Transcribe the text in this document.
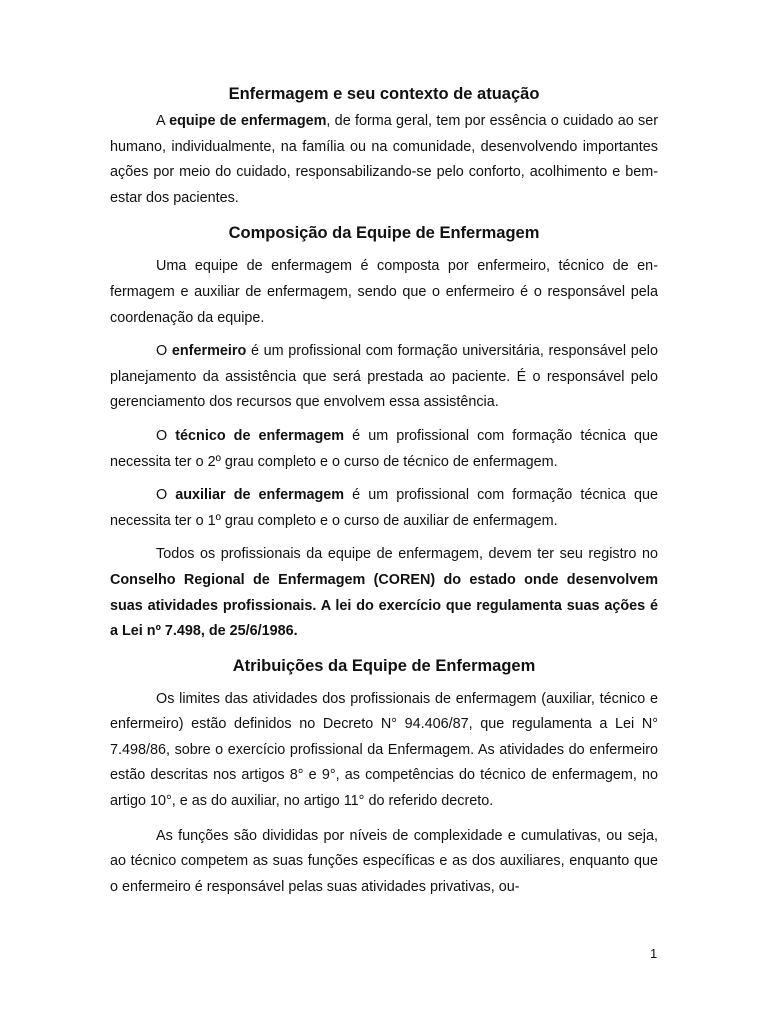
Enfermagem e seu contexto de atuação

A equipe de enfermagem, de forma geral, tem por essência o cuidado ao ser humano, individualmente, na família ou na comunidade, desenvolvendo importantes ações por meio do cuidado, responsabilizando-se pelo conforto, acolhimento e bem-estar dos pacientes.

Composição da Equipe de Enfermagem

Uma equipe de enfermagem é composta por enfermeiro, técnico de enfermagem e auxiliar de enfermagem, sendo que o enfermeiro é o responsável pela coordenação da equipe.

O enfermeiro é um profissional com formação universitária, responsável pelo planejamento da assistência que será prestada ao paciente. É o responsável pelo gerenciamento dos recursos que envolvem essa assistência.

O técnico de enfermagem é um profissional com formação técnica que necessita ter o 2º grau completo e o curso de técnico de enfermagem.

O auxiliar de enfermagem é um profissional com formação técnica que necessita ter o 1º grau completo e o curso de auxiliar de enfermagem.

Todos os profissionais da equipe de enfermagem, devem ter seu registro no Conselho Regional de Enfermagem (COREN) do estado onde desenvolvem suas atividades profissionais. A lei do exercício que regulamenta suas ações é a Lei nº 7.498, de 25/6/1986.

Atribuições da Equipe de Enfermagem

Os limites das atividades dos profissionais de enfermagem (auxiliar, técnico e enfermeiro) estão definidos no Decreto N° 94.406/87, que regulamenta a Lei N° 7.498/86, sobre o exercício profissional da Enfermagem. As atividades do enfermeiro estão descritas nos artigos 8° e 9°, as competências do técnico de enfermagem, no artigo 10°, e as do auxiliar, no artigo 11° do referido decreto.

As funções são divididas por níveis de complexidade e cumulativas, ou seja, ao técnico competem as suas funções específicas e as dos auxiliares, enquanto que o enfermeiro é responsável pelas suas atividades privativas, ou-

1
